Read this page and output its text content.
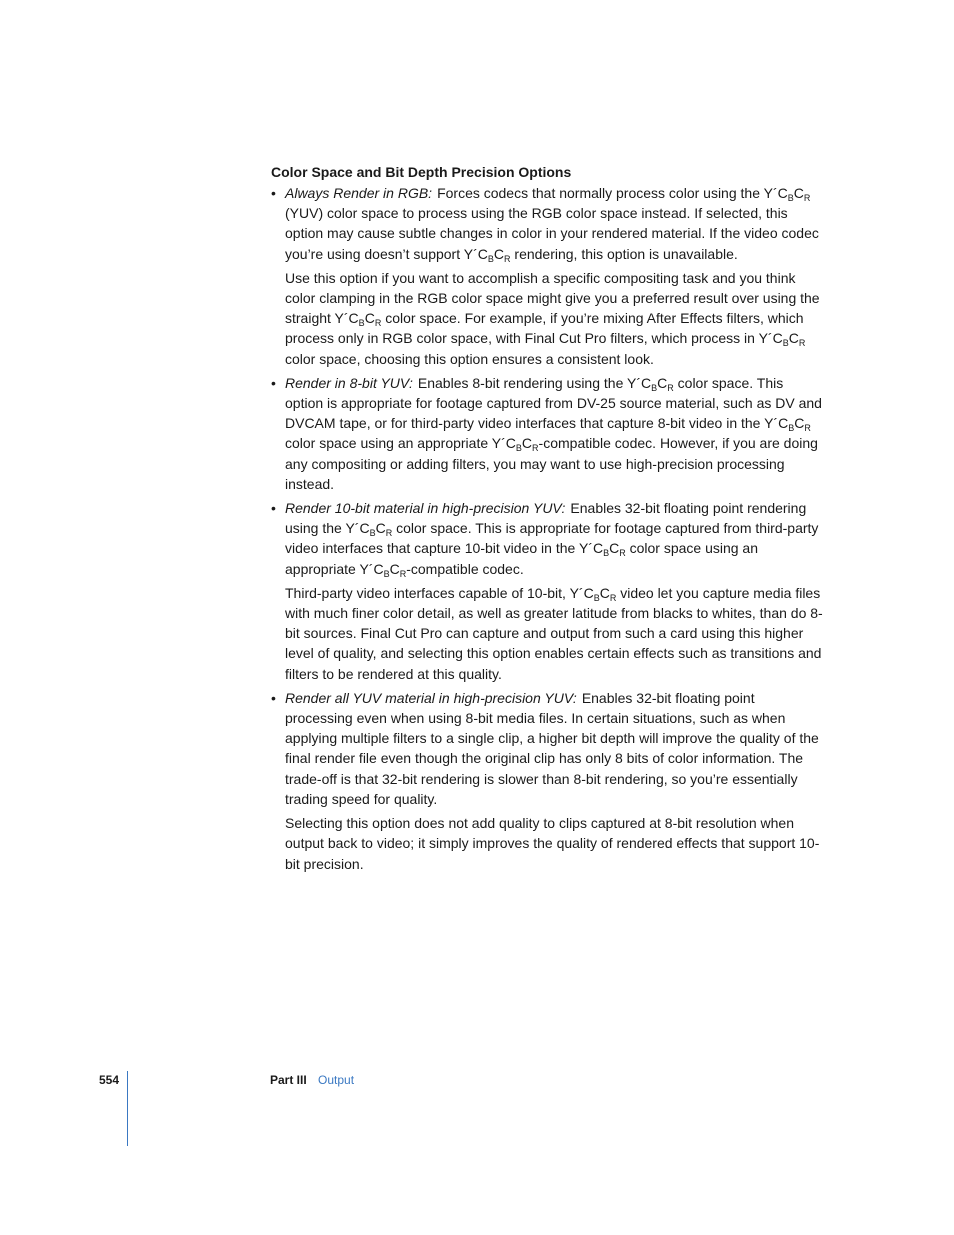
Color Space and Bit Depth Precision Options
• Always Render in RGB: Forces codecs that normally process color using the $Y´C_BC_R$ (YUV) color space to process using the RGB color space instead. If selected, this option may cause subtle changes in color in your rendered material. If the video codec you’re using doesn’t support $Y´C_BC_R$ rendering, this option is unavailable.

Use this option if you want to accomplish a specific compositing task and you think color clamping in the RGB color space might give you a preferred result over using the straight $Y´C_BC_R$ color space. For example, if you’re mixing After Effects filters, which process only in RGB color space, with Final Cut Pro filters, which process in $Y´C_BC_R$ color space, choosing this option ensures a consistent look.

• Render in 8-bit YUV: Enables 8-bit rendering using the $Y´C_BC_R$ color space. This option is appropriate for footage captured from DV-25 source material, such as DV and DVCAM tape, or for third-party video interfaces that capture 8-bit video in the $Y´C_BC_R$ color space using an appropriate $Y´C_BC_R$-compatible codec. However, if you are doing any compositing or adding filters, you may want to use high-precision processing instead.

• Render 10-bit material in high-precision YUV: Enables 32-bit floating point rendering using the $Y´C_BC_R$ color space. This is appropriate for footage captured from third-party video interfaces that capture 10-bit video in the $Y´C_BC_R$ color space using an appropriate $Y´C_BC_R$-compatible codec.

Third-party video interfaces capable of 10-bit, $Y´C_BC_R$ video let you capture media files with much finer color detail, as well as greater latitude from blacks to whites, than do 8-bit sources. Final Cut Pro can capture and output from such a card using this higher level of quality, and selecting this option enables certain effects such as transitions and filters to be rendered at this quality.

• Render all YUV material in high-precision YUV: Enables 32-bit floating point processing even when using 8-bit media files. In certain situations, such as when applying multiple filters to a single clip, a higher bit depth will improve the quality of the final render file even though the original clip has only 8 bits of color information. The trade-off is that 32-bit rendering is slower than 8-bit rendering, so you’re essentially trading speed for quality.

Selecting this option does not add quality to clips captured at 8-bit resolution when output back to video; it simply improves the quality of rendered effects that support 10-bit precision.

554	Part III Output
